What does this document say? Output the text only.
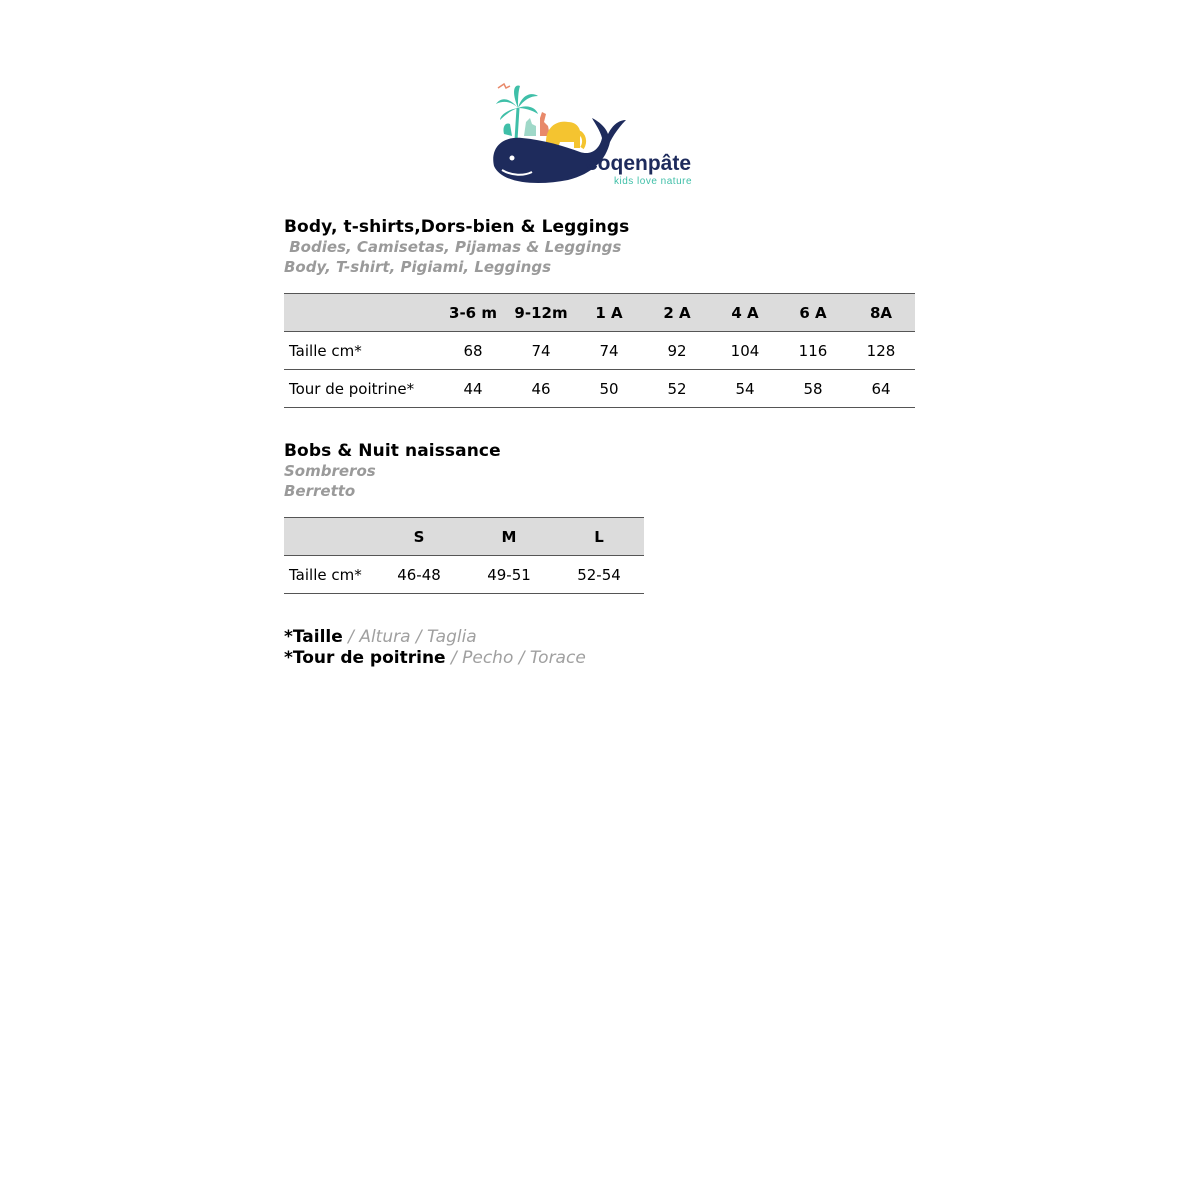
coqenpâte
kids love nature

Body, t-shirts,Dors-bien & Leggings

Bodies, Camisetas, Pijamas & Leggings

Body, T-shirt, Pigiami, Leggings

	3-6 m	9-12m	1 A	2 A	4 A	6 A	8A
Taille cm*	68	74	74	92	104	116	128
Tour de poitrine*	44	46	50	52	54	58	64

Bobs & Nuit naissance

Sombreros

Berretto

	S	M	L
Taille cm*	46-48	49-51	52-54
*Taille / Altura / Taglia
*Tour de poitrine / Pecho / Torace
